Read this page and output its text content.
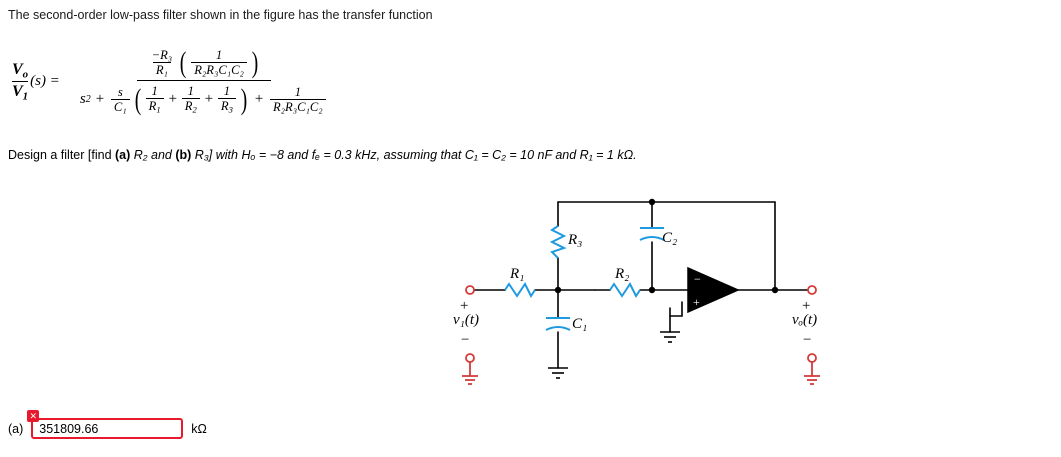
The second-order low-pass filter shown in the figure has the transfer function
$\frac{V_o}{V_1} (s)$ =
$\frac{\text{−R₃}}{\text{R₁}}$ ( $\frac{1}{\text{R₂R₃C₁C₂}}$ )
s $2 + \frac{s}{\text{C₁}}$ ( $\frac{1}{R_1} + \frac{1}{R_2} + \frac{1}{R_3}$ ) + $\frac{1}{\text{R₂R₃C₁C₂}}$
Design a filter [find (a) R₂ and (b) R₃] with Hₒ = −8 and fₑ = 0.3 kHz, assuming that C₁ = C₂ = 10 nF and R₁ = 1 kΩ.
−
+
R₃	C₂
R₁	R₂
C₁
+
−
v₁(t)
+
−
vₒ(t)
(a)
✕
351809.66
kΩ
